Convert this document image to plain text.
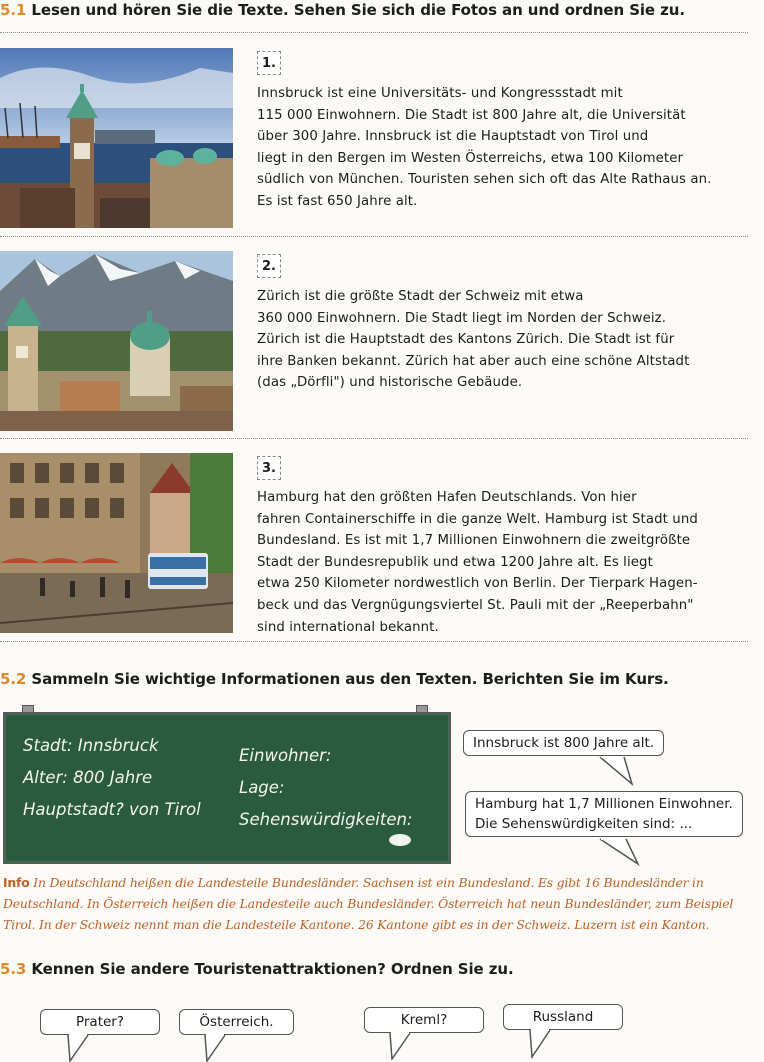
5.1 Lesen und hören Sie die Texte. Sehen Sie sich die Fotos an und ordnen Sie zu.
1.
Innsbruck ist eine Universitäts- und Kongressstadt mit
115 000 Einwohnern. Die Stadt ist 800 Jahre alt, die Universität
über 300 Jahre. Innsbruck ist die Hauptstadt von Tirol und
liegt in den Bergen im Westen Österreichs, etwa 100 Kilometer
südlich von München. Touristen sehen sich oft das Alte Rathaus an.
Es ist fast 650 Jahre alt.
2.
Zürich ist die größte Stadt der Schweiz mit etwa
360 000 Einwohnern. Die Stadt liegt im Norden der Schweiz.
Zürich ist die Hauptstadt des Kantons Zürich. Die Stadt ist für
ihre Banken bekannt. Zürich hat aber auch eine schöne Altstadt
(das „Dörfli") und historische Gebäude.
3.
Hamburg hat den größten Hafen Deutschlands. Von hier
fahren Containerschiffe in die ganze Welt. Hamburg ist Stadt und
Bundesland. Es ist mit 1,7 Millionen Einwohnern die zweitgrößte
Stadt der Bundesrepublik und etwa 1200 Jahre alt. Es liegt
etwa 250 Kilometer nordwestlich von Berlin. Der Tierpark Hagen-
beck und das Vergnügungsviertel St. Pauli mit der „Reeperbahn"
sind international bekannt.
5.2 Sammeln Sie wichtige Informationen aus den Texten. Berichten Sie im Kurs.
Stadt: Innsbruck
Alter: 800 Jahre
Hauptstadt? von Tirol
Einwohner:
Lage:
Sehenswürdigkeiten:
Innsbruck ist 800 Jahre alt.
Hamburg hat 1,7 Millionen Einwohner.
Die Sehenswürdigkeiten sind: ...
Info In Deutschland heißen die Landesteile Bundesländer. Sachsen ist ein Bundesland. Es gibt 16 Bundesländer in Deutschland. In Österreich heißen die Landesteile auch Bundesländer. Österreich hat neun Bundesländer, zum Beispiel Tirol. In der Schweiz nennt man die Landesteile Kantone. 26 Kantone gibt es in der Schweiz. Luzern ist ein Kanton.
5.3 Kennen Sie andere Touristenattraktionen? Ordnen Sie zu.
Prater?	Österreich.	Kreml?	Russland
